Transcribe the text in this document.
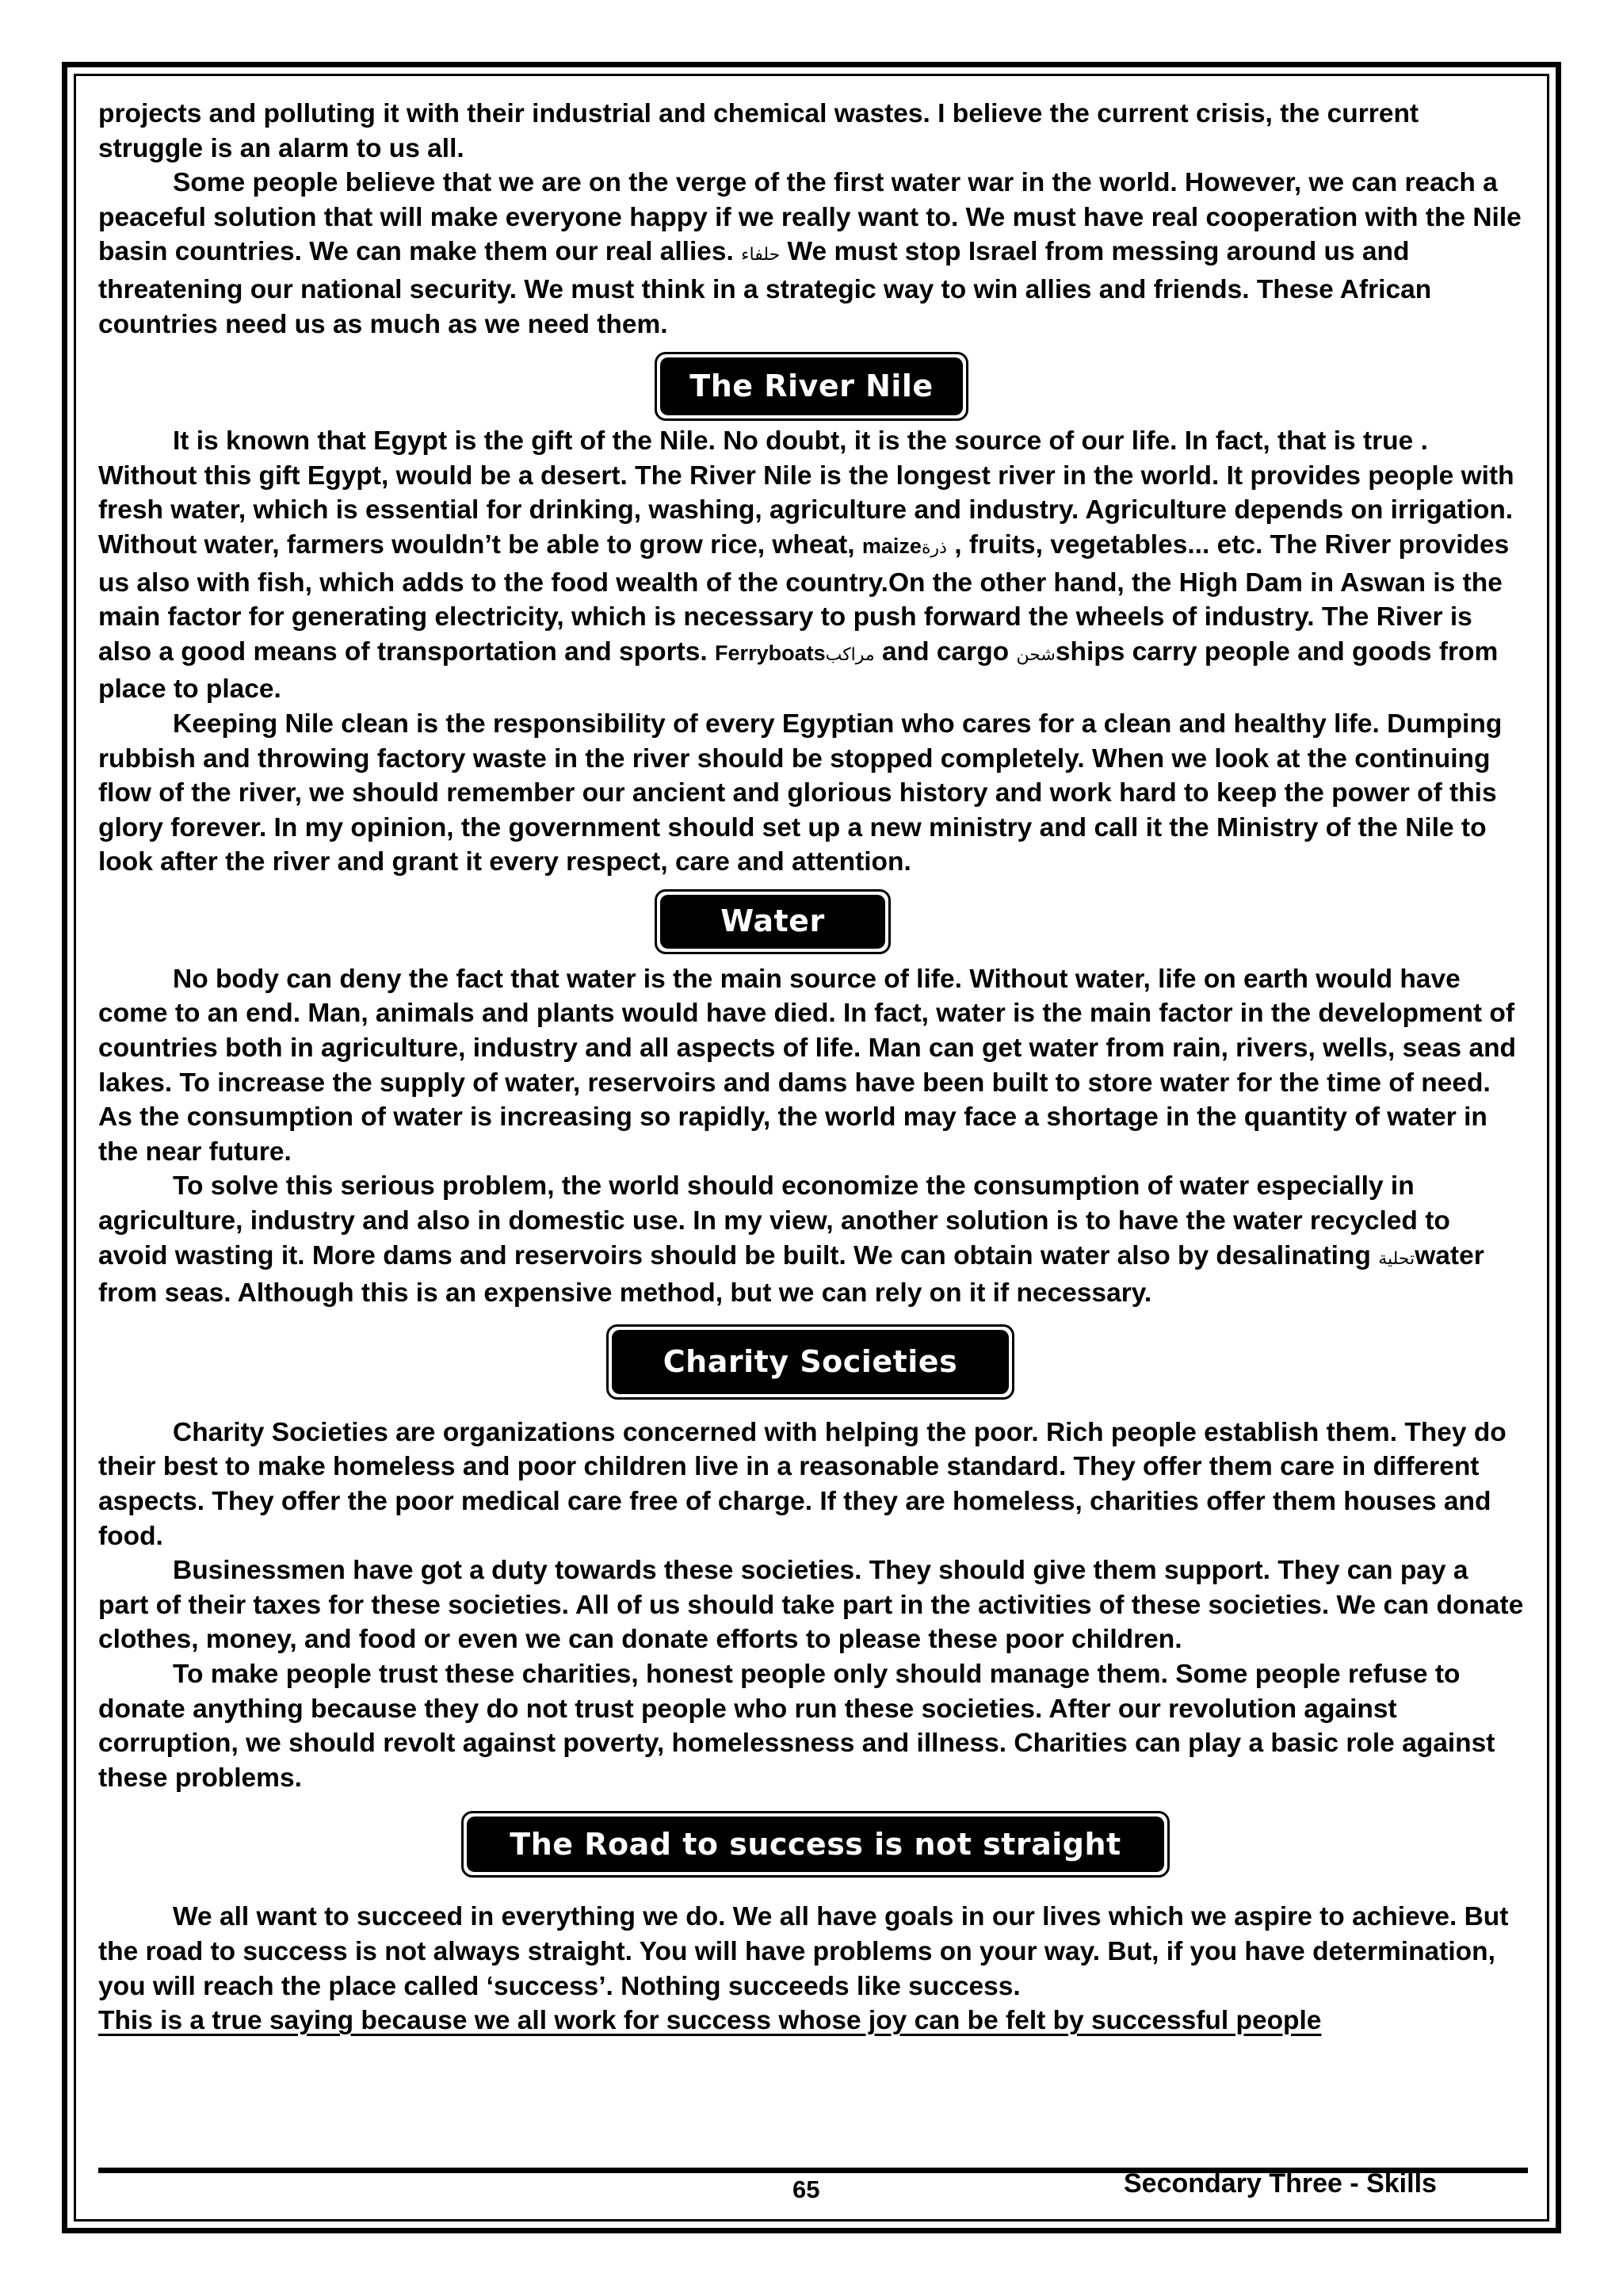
projects and polluting it with their industrial and chemical wastes. I believe the current crisis, the current struggle is an alarm to us all.

Some people believe that we are on the verge of the first water war in the world. However, we can reach a peaceful solution that will make everyone happy if we really want to. We must have real cooperation with the Nile basin countries. We can make them our real allies. حلفاء We must stop Israel from messing around us and threatening our national security. We must think in a strategic way to win allies and friends. These African countries need us as much as we need them.

The River Nile

It is known that Egypt is the gift of the Nile. No doubt, it is the source of our life. In fact, that is true . Without this gift Egypt, would be a desert. The River Nile is the longest river in the world. It provides people with fresh water, which is essential for drinking, washing, agriculture and industry. Agriculture depends on irrigation. Without water, farmers wouldn’t be able to grow rice, wheat, maizeذرة , fruits, vegetables... etc. The River provides us also with fish, which adds to the food wealth of the country.On the other hand, the High Dam in Aswan is the main factor for generating electricity, which is necessary to push forward the wheels of industry. The River is also a good means of transportation and sports. Ferryboatsمراكب and cargo شحنships carry people and goods from place to place.

Keeping Nile clean is the responsibility of every Egyptian who cares for a clean and healthy life. Dumping rubbish and throwing factory waste in the river should be stopped completely. When we look at the continuing flow of the river, we should remember our ancient and glorious history and work hard to keep the power of this glory forever. In my opinion, the government should set up a new ministry and call it the Ministry of the Nile to look after the river and grant it every respect, care and attention.

Water

No body can deny the fact that water is the main source of life. Without water, life on earth would have come to an end. Man, animals and plants would have died. In fact, water is the main factor in the development of countries both in agriculture, industry and all aspects of life. Man can get water from rain, rivers, wells, seas and lakes. To increase the supply of water, reservoirs and dams have been built to store water for the time of need. As the consumption of water is increasing so rapidly, the world may face a shortage in the quantity of water in the near future.

To solve this serious problem, the world should economize the consumption of water especially in agriculture, industry and also in domestic use. In my view, another solution is to have the water recycled to avoid wasting it. More dams and reservoirs should be built. We can obtain water also by desalinating تحليةwater from seas. Although this is an expensive method, but we can rely on it if necessary.

Charity Societies

Charity Societies are organizations concerned with helping the poor. Rich people establish them. They do their best to make homeless and poor children live in a reasonable standard. They offer them care in different aspects. They offer the poor medical care free of charge. If they are homeless, charities offer them houses and food.

Businessmen have got a duty towards these societies. They should give them support. They can pay a part of their taxes for these societies. All of us should take part in the activities of these societies. We can donate clothes, money, and food or even we can donate efforts to please these poor children.

To make people trust these charities, honest people only should manage them. Some people refuse to donate anything because they do not trust people who run these societies. After our revolution against corruption, we should revolt against poverty, homelessness and illness. Charities can play a basic role against these problems.

The Road to success is not straight

We all want to succeed in everything we do. We all have goals in our lives which we aspire to achieve. But the road to success is not always straight. You will have problems on your way. But, if you have determination, you will reach the place called ‘success’. Nothing succeeds like success.

This is a true saying because we all work for success whose joy can be felt by successful people

65	Secondary Three - Skills
